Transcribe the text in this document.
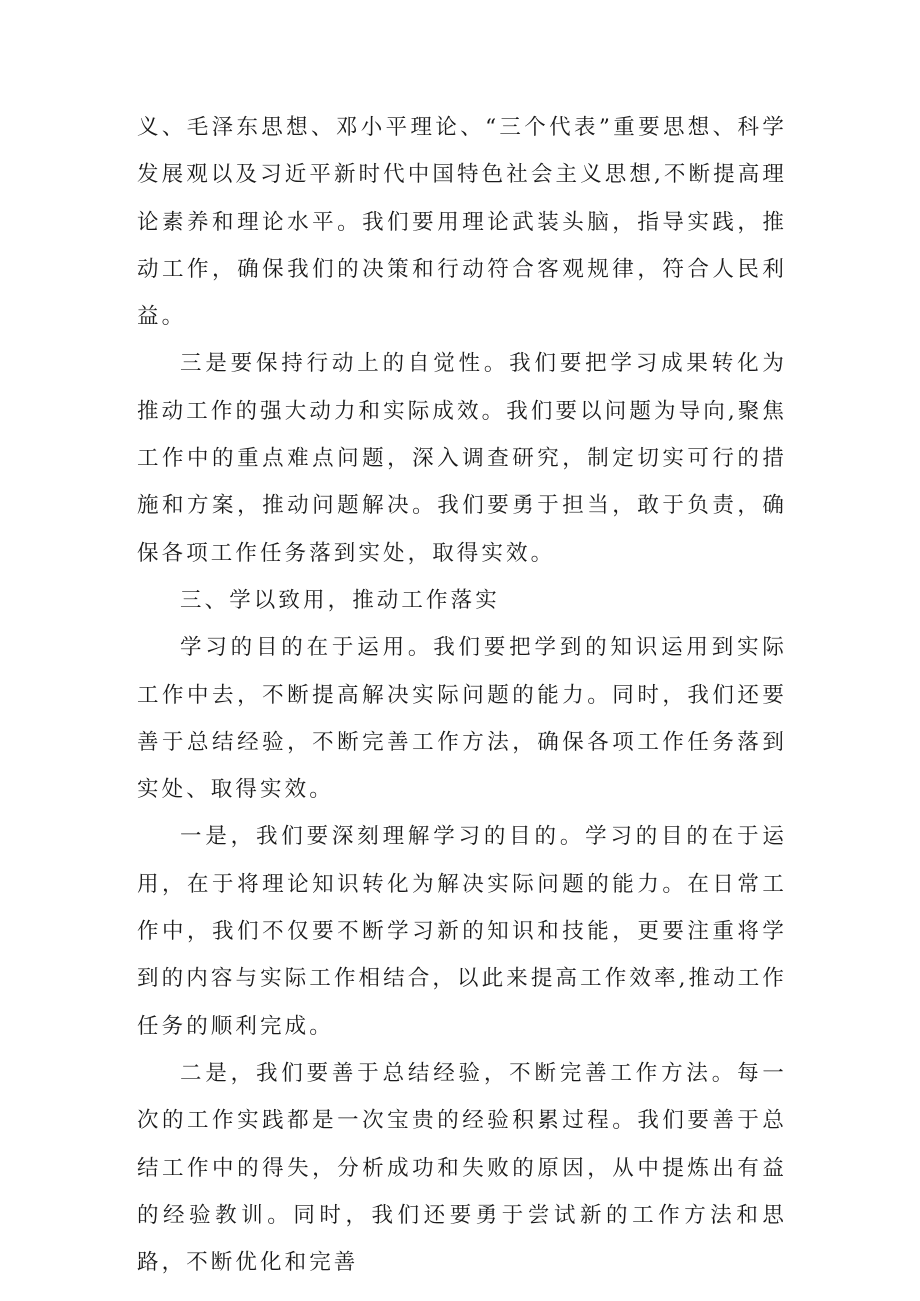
义、毛泽东思想、邓小平理论、“三个代表”重要思想、科学发展观以及习近平新时代中国特色社会主义思想,不断提高理论素养和理论水平。我们要用理论武装头脑，指导实践，推动工作，确保我们的决策和行动符合客观规律，符合人民利益。

三是要保持行动上的自觉性。我们要把学习成果转化为推动工作的强大动力和实际成效。我们要以问题为导向,聚焦工作中的重点难点问题，深入调查研究，制定切实可行的措施和方案，推动问题解决。我们要勇于担当，敢于负责，确保各项工作任务落到实处，取得实效。

三、学以致用，推动工作落实

学习的目的在于运用。我们要把学到的知识运用到实际工作中去，不断提高解决实际问题的能力。同时，我们还要善于总结经验，不断完善工作方法，确保各项工作任务落到实处、取得实效。

一是，我们要深刻理解学习的目的。学习的目的在于运用，在于将理论知识转化为解决实际问题的能力。在日常工作中，我们不仅要不断学习新的知识和技能，更要注重将学到的内容与实际工作相结合，以此来提高工作效率,推动工作任务的顺利完成。

二是，我们要善于总结经验，不断完善工作方法。每一次的工作实践都是一次宝贵的经验积累过程。我们要善于总结工作中的得失，分析成功和失败的原因，从中提炼出有益的经验教训。同时，我们还要勇于尝试新的工作方法和思路，不断优化和完善
